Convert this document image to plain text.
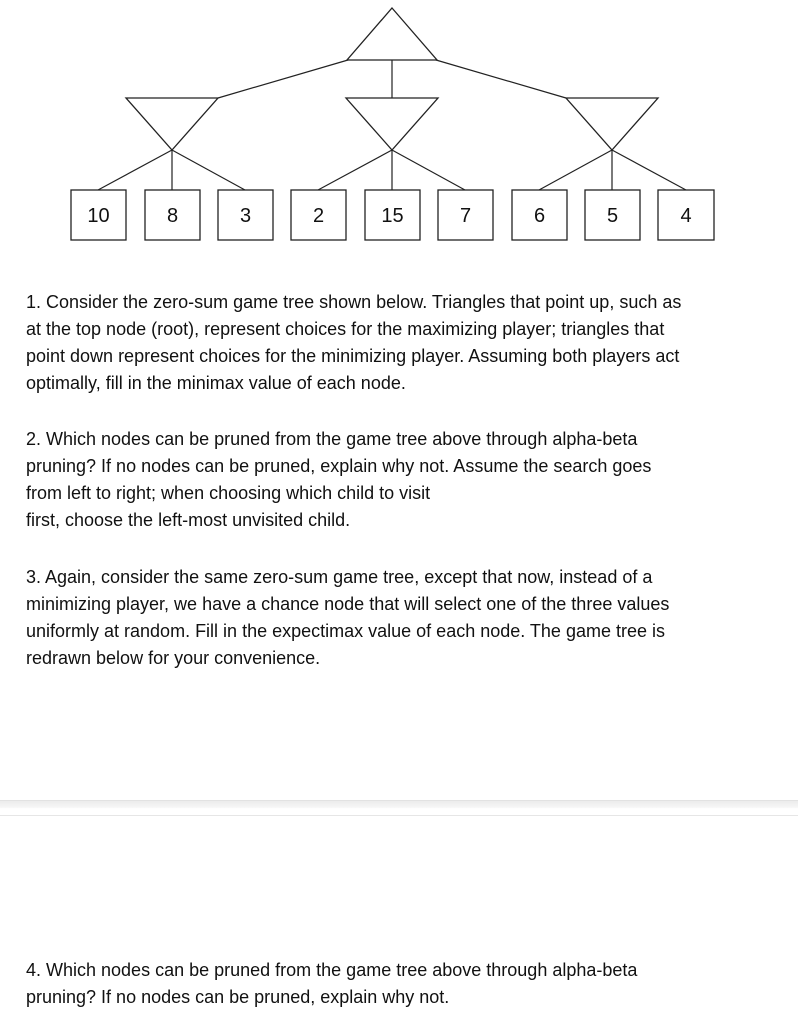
10	8	3	2	15	7	6	5	4
1. Consider the zero-sum game tree shown below. Triangles that point up, such as
at the top node (root), represent choices for the maximizing player; triangles that
point down represent choices for the minimizing player. Assuming both players act
optimally, fill in the minimax value of each node.
2. Which nodes can be pruned from the game tree above through alpha-beta
pruning? If no nodes can be pruned, explain why not. Assume the search goes
from left to right; when choosing which child to visit
first, choose the left-most unvisited child.
3. Again, consider the same zero-sum game tree, except that now, instead of a
minimizing player, we have a chance node that will select one of the three values
uniformly at random. Fill in the expectimax value of each node. The game tree is
redrawn below for your convenience.
4. Which nodes can be pruned from the game tree above through alpha-beta
pruning? If no nodes can be pruned, explain why not.
